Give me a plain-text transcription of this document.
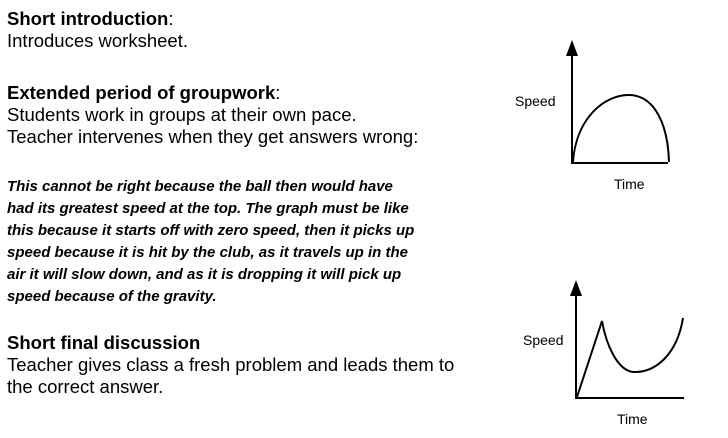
Short introduction:
Introduces worksheet.
Extended period of groupwork:
Students work in groups at their own pace.
Teacher intervenes when they get answers wrong:
This cannot be right because the ball then would have
had its greatest speed at the top. The graph must be like
this because it starts off with zero speed, then it picks up
speed because it is hit by the club, as it travels up in the
air it will slow down, and as it is dropping it will pick up
speed because of the gravity.
Short final discussion
Teacher gives class a fresh problem and leads them to
the correct answer.
Speed
Time
Speed
Time
